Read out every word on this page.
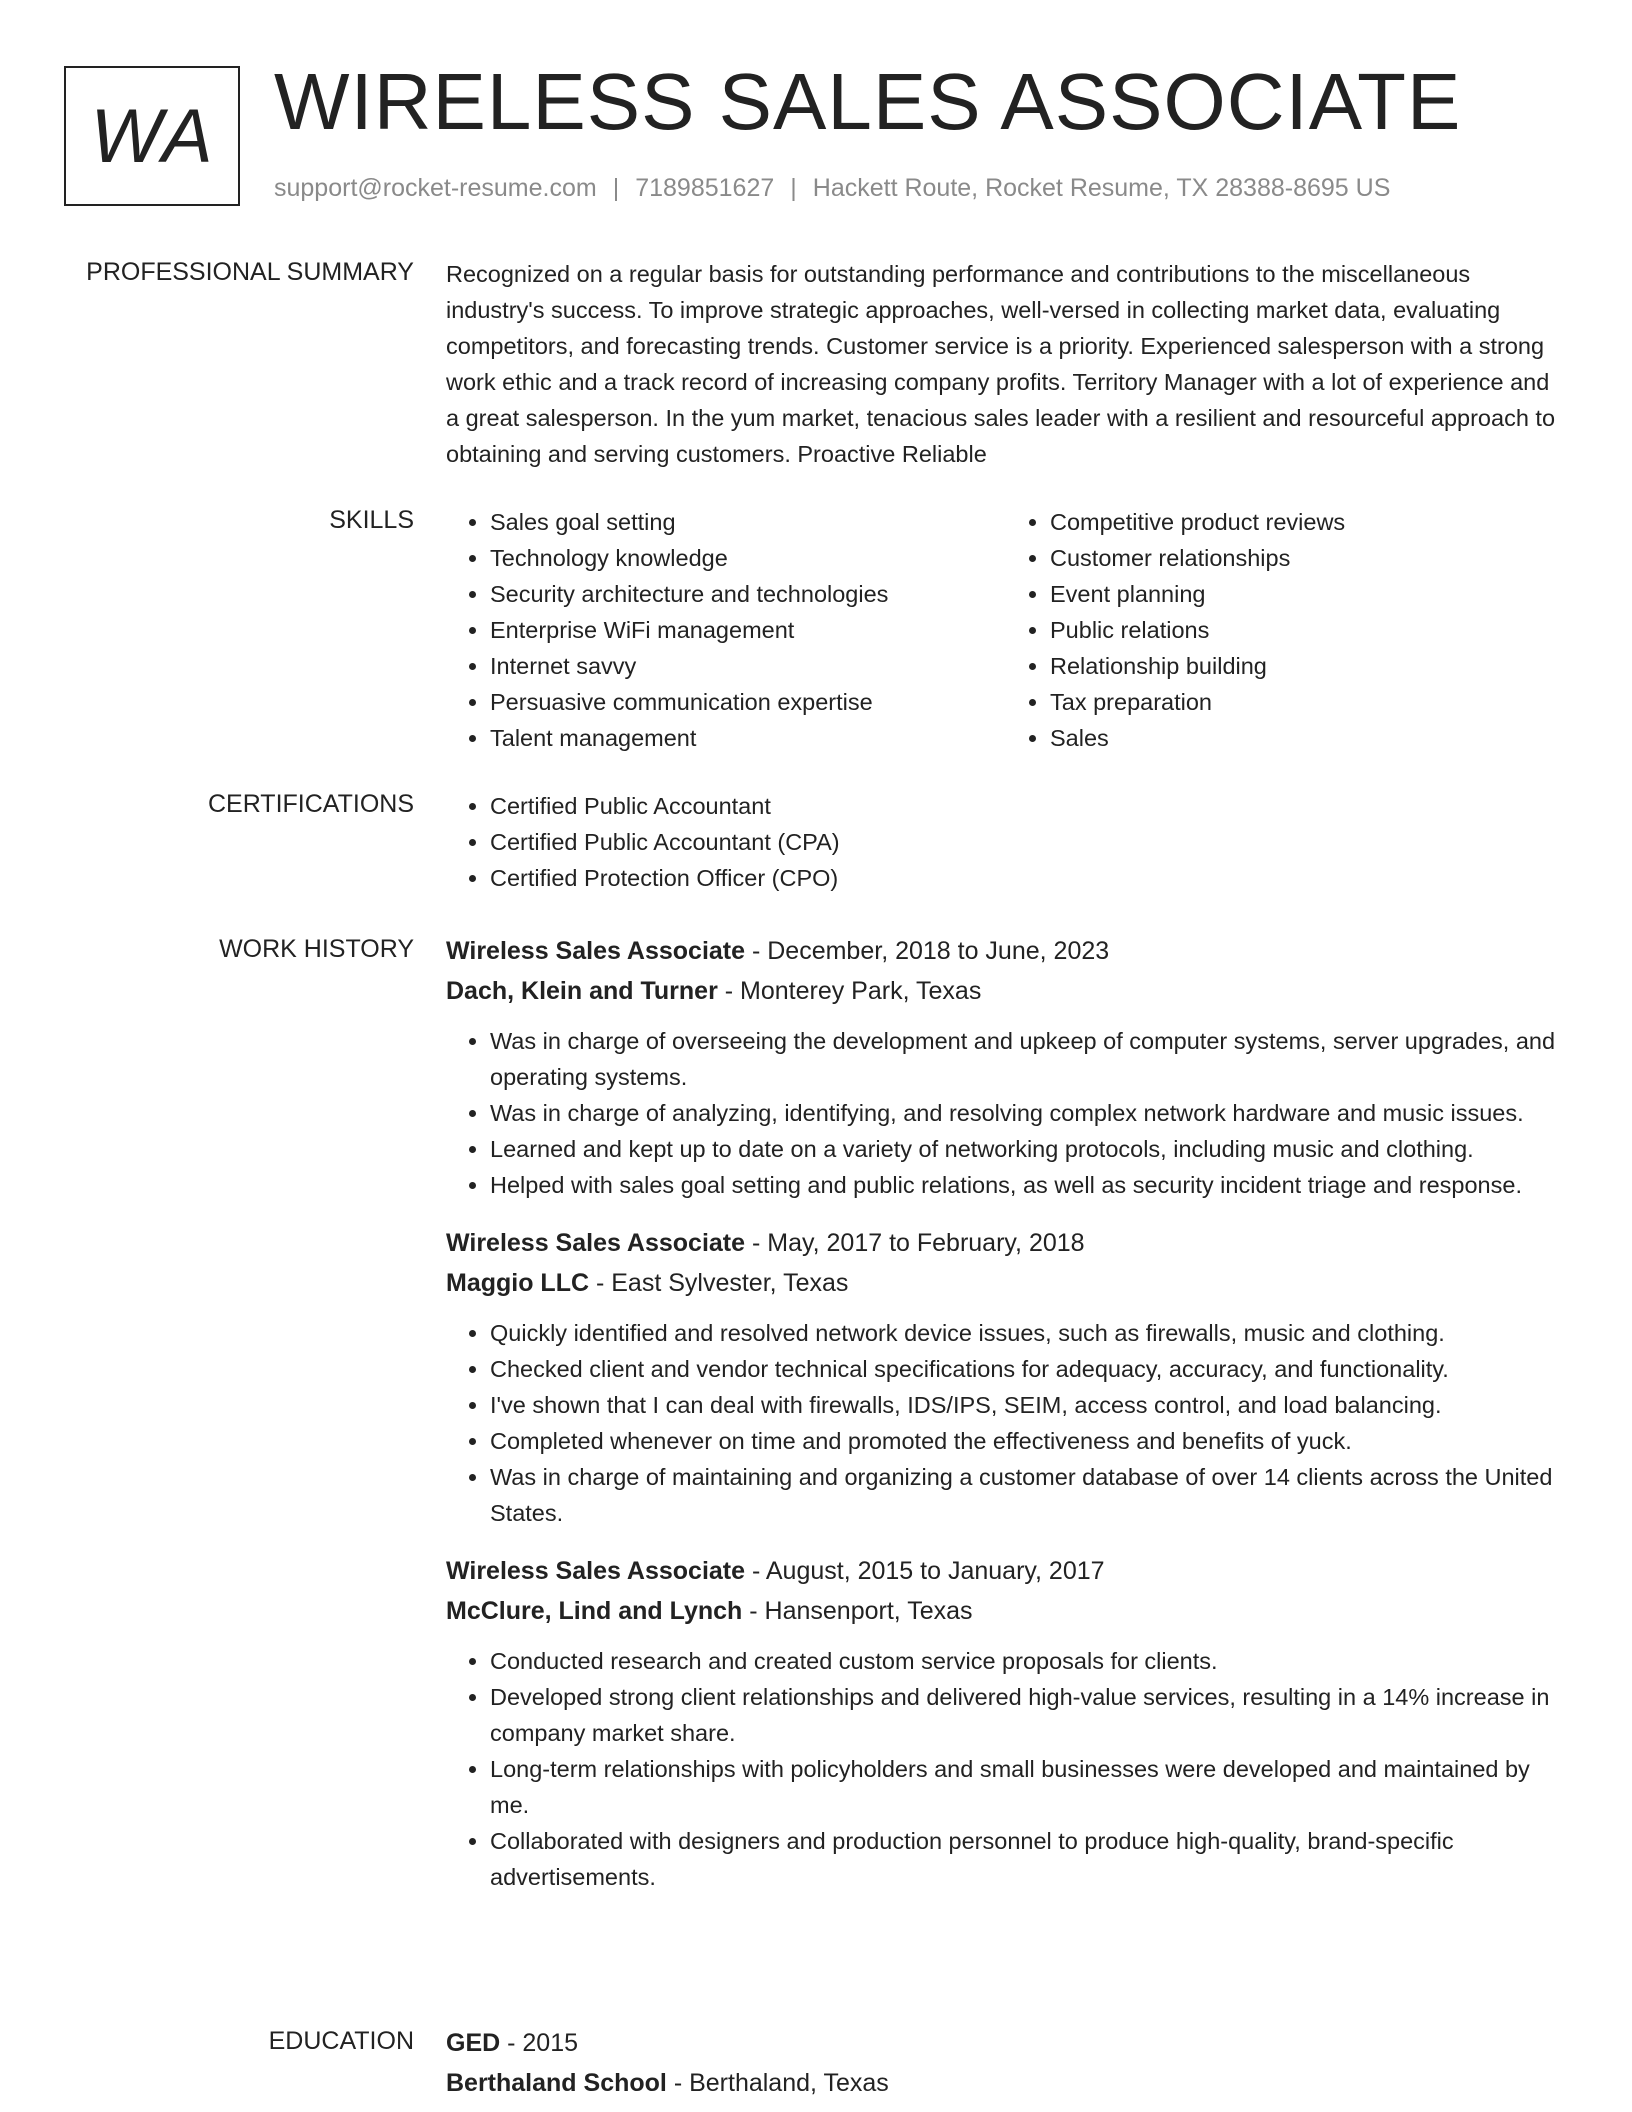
WA WIRELESS SALES ASSOCIATE
support@rocket-resume.com | 7189851627 | Hackett Route, Rocket Resume, TX 28388-8695 US
PROFESSIONAL SUMMARY Recognized on a regular basis for outstanding performance and contributions to the miscellaneous industry's success. To improve strategic approaches, well-versed in collecting market data, evaluating competitors, and forecasting trends. Customer service is a priority. Experienced salesperson with a strong work ethic and a track record of increasing company profits. Territory Manager with a lot of experience and a great salesperson. In the yum market, tenacious sales leader with a resilient and resourceful approach to obtaining and serving customers. Proactive Reliable
SKILLS	• Sales goal setting
• Technology knowledge
• Security architecture and technologies
• Enterprise WiFi management
• Internet savvy
• Persuasive communication expertise
• Talent management
• Competitive product reviews
• Customer relationships
• Event planning
• Public relations
• Relationship building
• Tax preparation
• Sales
CERTIFICATIONS	• Certified Public Accountant
• Certified Public Accountant (CPA)
• Certified Protection Officer (CPO)
WORK HISTORY Wireless Sales Associate - December, 2018 to June, 2023
Dach, Klein and Turner - Monterey Park, Texas
• Was in charge of overseeing the development and upkeep of computer systems, server upgrades, and operating systems.
• Was in charge of analyzing, identifying, and resolving complex network hardware and music issues.
• Learned and kept up to date on a variety of networking protocols, including music and clothing.
• Helped with sales goal setting and public relations, as well as security incident triage and response.
Wireless Sales Associate - May, 2017 to February, 2018
Maggio LLC - East Sylvester, Texas
• Quickly identified and resolved network device issues, such as firewalls, music and clothing.
• Checked client and vendor technical specifications for adequacy, accuracy, and functionality.
• I've shown that I can deal with firewalls, IDS/IPS, SEIM, access control, and load balancing.
• Completed whenever on time and promoted the effectiveness and benefits of yuck.
• Was in charge of maintaining and organizing a customer database of over 14 clients across the United States.
Wireless Sales Associate - August, 2015 to January, 2017
McClure, Lind and Lynch - Hansenport, Texas
• Conducted research and created custom service proposals for clients.
• Developed strong client relationships and delivered high-value services, resulting in a 14% increase in company market share.
• Long-term relationships with policyholders and small businesses were developed and maintained by me.
• Collaborated with designers and production personnel to produce high-quality, brand-specific advertisements.
EDUCATION GED - 2015
Berthaland School - Berthaland, Texas
